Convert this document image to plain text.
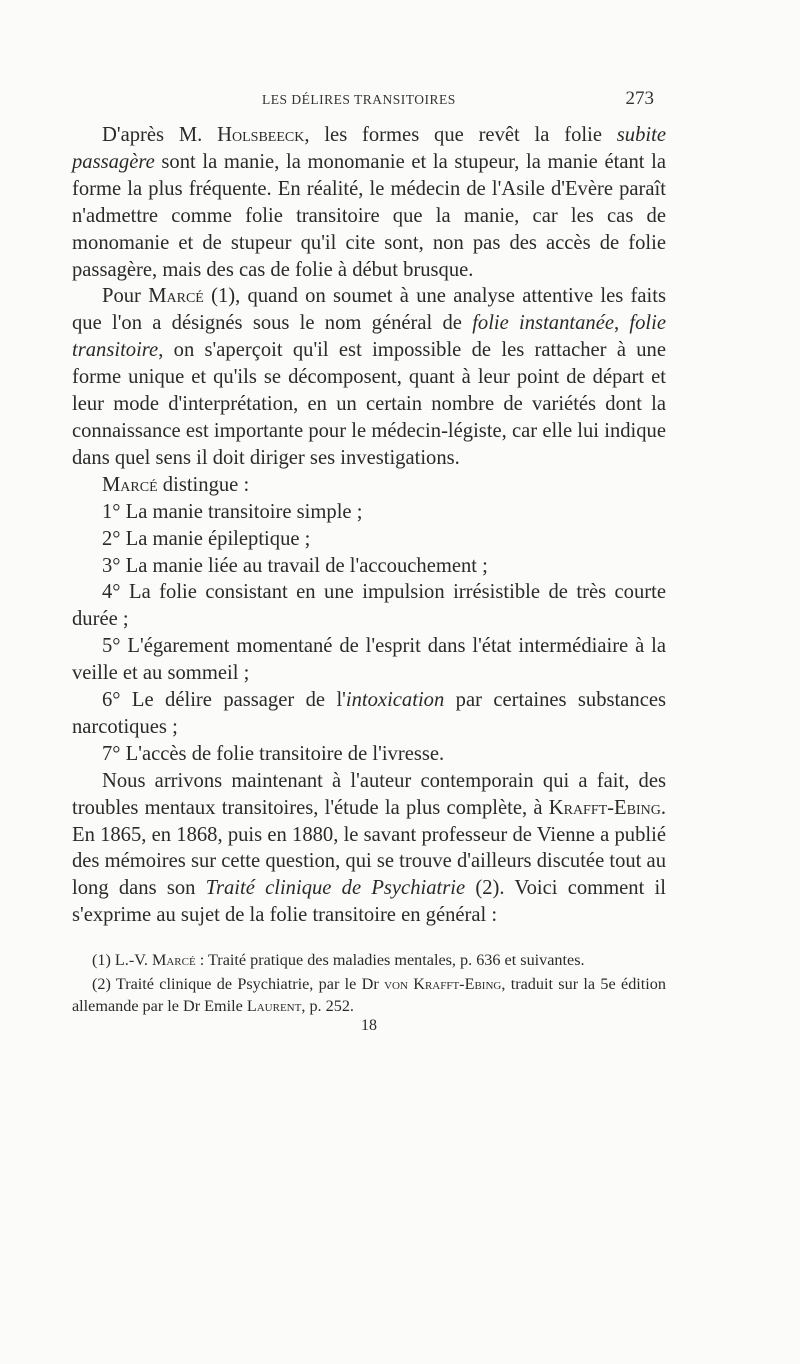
LES DÉLIRES TRANSITOIRES	273

D'après M. Holsbeeck, les formes que revêt la folie subite passagère sont la manie, la monomanie et la stupeur, la manie étant la forme la plus fréquente. En réalité, le médecin de l'Asile d'Evère paraît n'admettre comme folie transitoire que la manie, car les cas de monomanie et de stupeur qu'il cite sont, non pas des accès de folie passagère, mais des cas de folie à début brusque.

Pour Marcé (1), quand on soumet à une analyse attentive les faits que l'on a désignés sous le nom général de folie instantanée, folie transitoire, on s'aperçoit qu'il est impossible de les rattacher à une forme unique et qu'ils se décomposent, quant à leur point de départ et leur mode d'interprétation, en un certain nombre de variétés dont la connaissance est importante pour le médecin-légiste, car elle lui indique dans quel sens il doit diriger ses investigations.

Marcé distingue :

1° La manie transitoire simple ;

2° La manie épileptique ;

3° La manie liée au travail de l'accouchement ;

4° La folie consistant en une impulsion irrésistible de très courte durée ;

5° L'égarement momentané de l'esprit dans l'état intermédiaire à la veille et au sommeil ;

6° Le délire passager de l'intoxication par certaines substances narcotiques ;

7° L'accès de folie transitoire de l'ivresse.

Nous arrivons maintenant à l'auteur contemporain qui a fait, des troubles mentaux transitoires, l'étude la plus complète, à Krafft-Ebing. En 1865, en 1868, puis en 1880, le savant professeur de Vienne a publié des mémoires sur cette question, qui se trouve d'ailleurs discutée tout au long dans son Traité clinique de Psychiatrie (2). Voici comment il s'exprime au sujet de la folie transitoire en général :

(1) L.-V. Marcé : Traité pratique des maladies mentales, p. 636 et suivantes.

(2) Traité clinique de Psychiatrie, par le Dr von Krafft-Ebing, traduit sur la 5e édition allemande par le Dr Emile Laurent, p. 252.

18
